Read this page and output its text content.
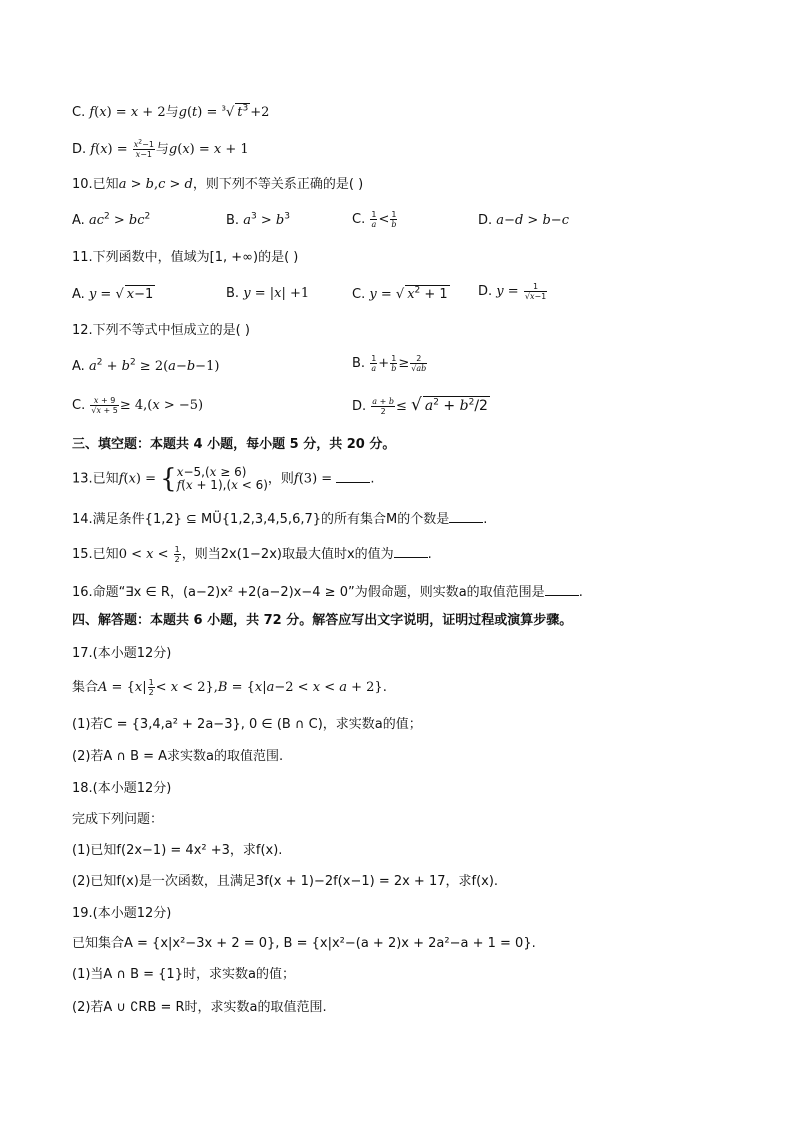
C. f(x) = x + 2与g(t) = $^3$√ $t^3 +2$
D. $f(x) = \frac{x^2-1}{x-1}$ 与g(x) = x + 1
10.已知a > b,c > d，则下列不等关系正确的是( )
A. $ac^2 > bc^2$	B. $a^3 > b^3$	C. $\frac{1}{a} < \frac{1}{b}$	D. a−d > b−c
11.下列函数中，值域为[1, +∞)的是( )
A. y = √ x−1	B. y = |x| +1	C. y = √ $x^2 + 1$ D. $y = \frac{1}{√x-1}$
12.下列不等式中恒成立的是( )
A. $a^2 + b^2 \ge 2(a-b-1)$	B. $\frac{1}{a} + \frac{1}{b} \ge \frac{2}{√ab}$
C. $\frac{x + 9}{√x + 5} \ge 4,(x > -5)$	D. $\frac{a + b}{2}$ ≤ √ $a^2 + b^2/2$
三、填空题：本题共 4 小题，每小题 5 分，共 20 分。
13.已知f(x) = {x−5,(x ≥ 6)
f(x + 1),(x < 6)，则f(3) =	.
14.满足条件{1,2} ⊆ MÜ{1,2,3,4,5,6,7}的所有集合M的个数是	.
15.已知$0 < x < \frac{1}{2}$ ，则当2x(1−2x)取最大值时x的值为	.
16.命题“∃x ∈ R，(a−2)x² +2(a−2)x−4 ≥ 0”为假命题，则实数a的取值范围是	.
四、解答题：本题共 6 小题，共 72 分。解答应写出文字说明，证明过程或演算步骤。
17.(本小题12分)
集合$A = \{x| \frac{1}{2} < x < 2\},B = \{x|a-2 < x < a + 2\}$.
(1)若C = {3,4,a² + 2a−3}, 0 ∈ (B ∩ C)，求实数a的值；
(2)若A ∩ B = A求实数a的取值范围.
18.(本小题12分)
完成下列问题：
(1)已知f(2x−1) = 4x² +3，求f(x).
(2)已知f(x)是一次函数，且满足3f(x + 1)−2f(x−1) = 2x + 17，求f(x).
19.(本小题12分)
已知集合A = {x|x²−3x + 2 = 0}, B = {x|x²−(a + 2)x + 2a²−a + 1 = 0}.
(1)当A ∩ B = {1}时，求实数a的值；
(2)若A ∪ ∁RB = R时，求实数a的取值范围.
